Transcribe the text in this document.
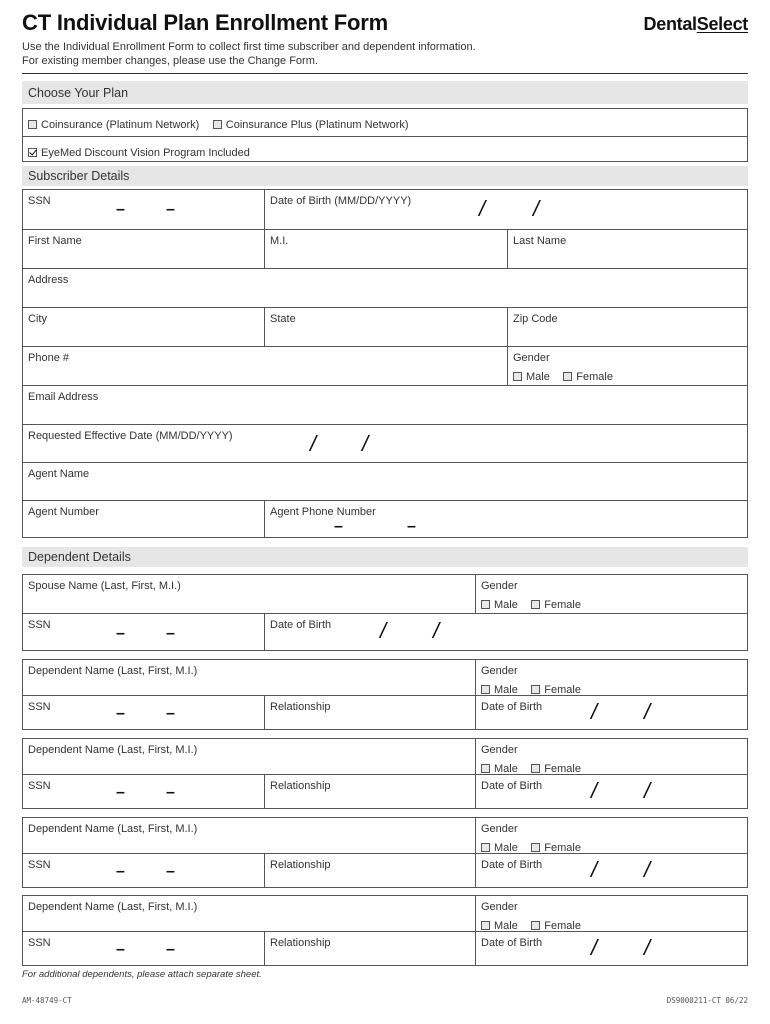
CT Individual Plan Enrollment Form	DentalSelect
Use the Individual Enrollment Form to collect first time subscriber and dependent information.
For existing member changes, please use the Change Form.
Choose Your Plan
Coinsurance (Platinum Network)
Coinsurance Plus (Platinum Network)
EyeMed Discount Vision Program Included
Subscriber Details
SSN	–	–	Date of Birth (MM/DD/YYYY)	/ /
First Name	M.I.	Last Name
Address
City	State	Zip Code
Phone #	Gender
Male
Female
Email Address
Requested Effective Date (MM/DD/YYYY)	/ /
Agent Name
Agent Number	Agent Phone Number
–	–
Dependent Details
Spouse Name (Last, First, M.I.)	Gender
Male
Female
SSN	–	–	Date of Birth / /
Dependent Name (Last, First, M.I.)	Gender
Male
Female
SSN	–	–	Relationship	Date of Birth / /
Dependent Name (Last, First, M.I.)	Gender
Male
Female
SSN	–	–	Relationship	Date of Birth / /
Dependent Name (Last, First, M.I.)	Gender
Male
Female
SSN	–	–	Relationship	Date of Birth / /
Dependent Name (Last, First, M.I.)	Gender
Male
Female
SSN	–	–	Relationship	Date of Birth / /
For additional dependents, please attach separate sheet.
AM-48749-CT	DS9000211-CT 06/22
